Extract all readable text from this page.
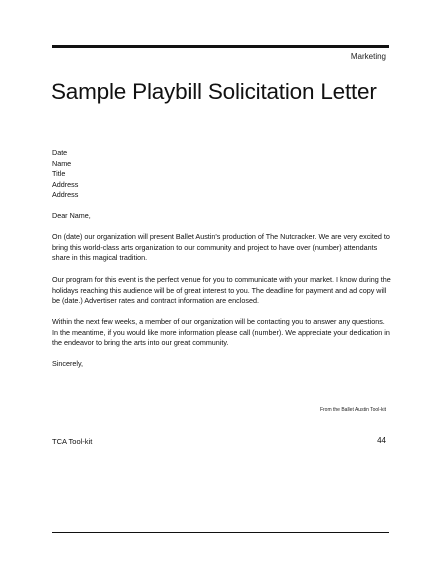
Marketing
Sample Playbill Solicitation Letter
Date
Name
Title
Address
Address
Dear Name,

On (date) our organization will present Ballet Austin's production of The Nutcracker. We are very excited to bring this world-class arts organization to our community and project to have over (number) attendants share in this magical tradition.

Our program for this event is the perfect venue for you to communicate with your market. I know during the holidays reaching this audience will be of great interest to you. The deadline for payment and ad copy will be (date.) Advertiser rates and contract information are enclosed.

Within the next few weeks, a member of our organization will be contacting you to answer any questions. In the meantime, if you would like more information please call (number). We appreciate your dedication in the endeavor to bring the arts into our great community.

Sincerely,
From the Ballet Austin Tool-kit
TCA Tool-kit	44
